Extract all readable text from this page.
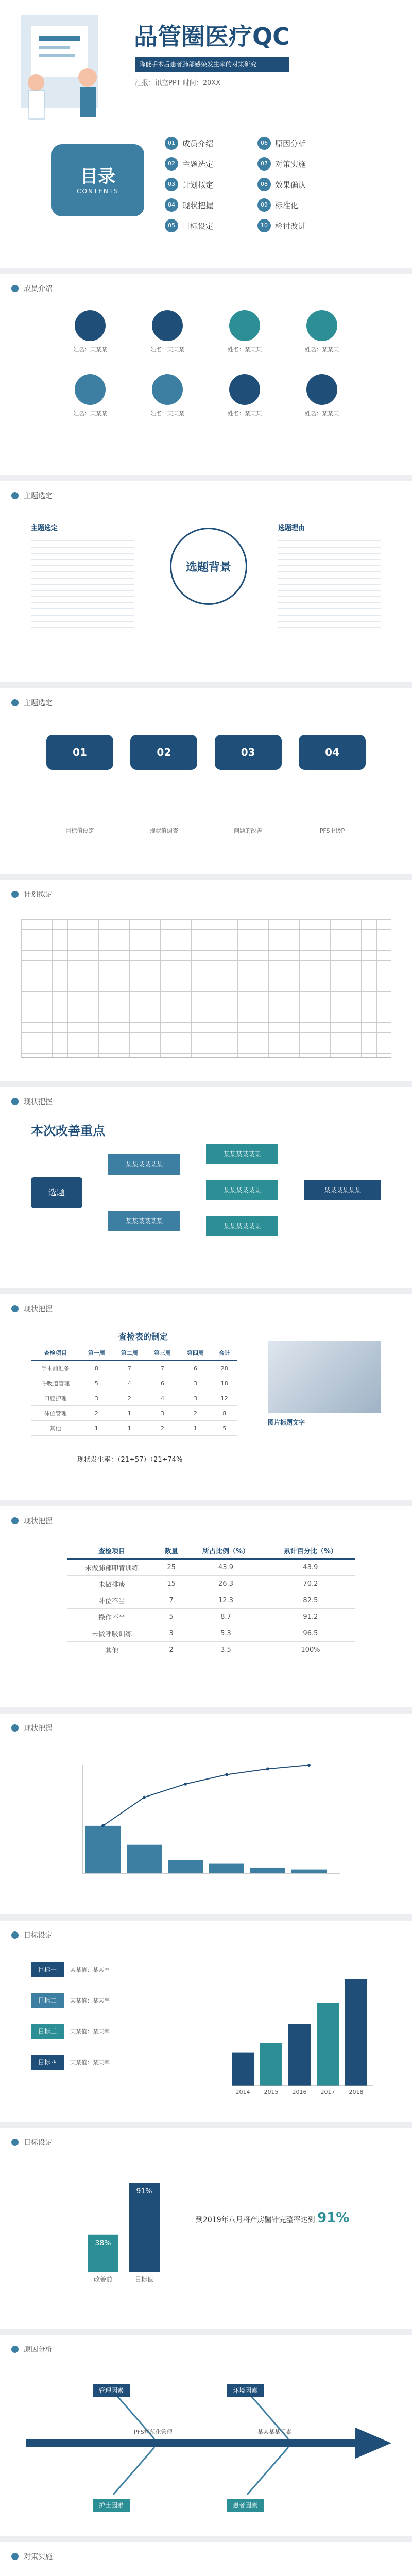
品管圈医疗QC
降低手术后患者肺部感染发生率的对策研究
汇报：讯立PPT 时间：20XX
目录
CONTENTS
01 成员介绍	06 原因分析
02 主题选定	07 对策实施
03 计划拟定	08 效果确认
04 现状把握	09 标准化
05 目标设定	10 检讨改进
成员介绍
姓名：某某某	姓名：某某某	姓名：某某某	姓名：某某某
姓名：某某某	姓名：某某某	姓名：某某某	姓名：某某某
主题选定
主题选定
选题背景
选题理由
主题选定
01
目标值设定
02
现状值调查
03
问题的改善
04
PFS上级P
计划拟定
现状把握
本次改善重点
选题
某某某某某某
某某某某某某
某某某某某某
某某某某某某
某某某某某某
某某某某某某
现状把握
查检表的制定
查检项目	第一周	第二周	第三周	第四周	合计
手术前准备	8	7	7	6	28
呼吸道管理	5	4	6	3	18
口腔护理	3	2	4	3	12
体位管理	2	1	3	2	8
其他	1	1	2	1	5
现状发生率：（21÷57）（21÷74%
图片标题文字
现状把握
查检项目	数量	所占比例（%）	累计百分比（%）
未做肺部叩背训练	25	43.9	43.9
未做排痰	15	26.3	70.2
卧位不当	7	12.3	82.5
操作不当	5	8.7	91.2
未做呼吸训练	3	5.3	96.5
其他	2	3.5	100%
现状把握
目标设定
目标一	某某值：某某率
目标二	某某值：某某率
目标三	某某值：某某率
目标四	某某值：某某率
2014 2015 2016 2017 2018
目标设定
38%
改善前
91%
目标值
到2019年八月将产房醫针完整率达到 91%
原因分析
管理因素	环境因素
PFS规范化管理	某某某某因素
护士因素	患者因素
对策实施
